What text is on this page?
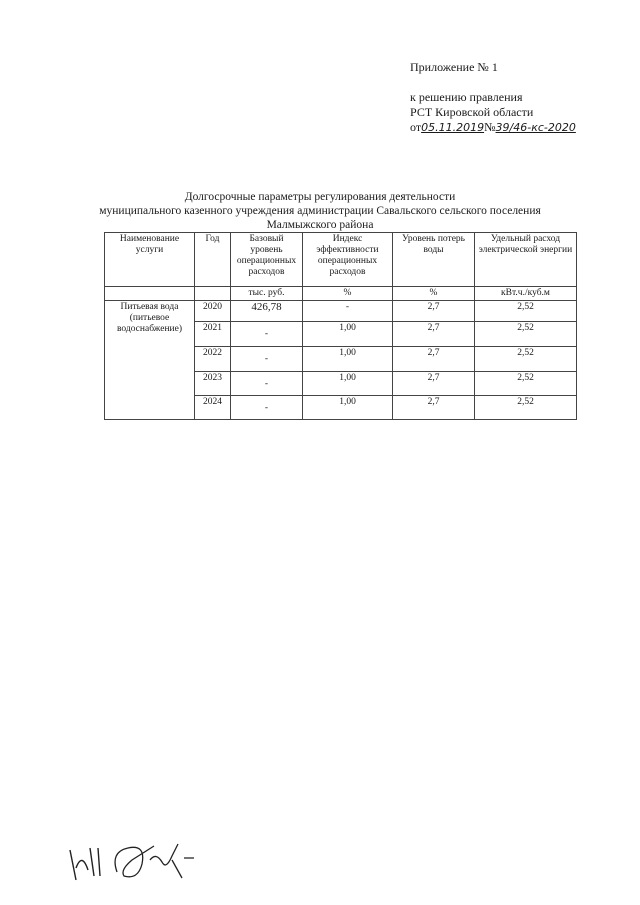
Приложение № 1
к решению правления
РСТ Кировской области
от05.11.2019№39/46-кс-2020
Долгосрочные параметры регулирования деятельности
муниципального казенного учреждения администрации Савальского сельского поселения
Малмыжского района
Наименование услуги	Год	Базовый уровень операционных расходов	Индекс эффективности операционных расходов	Уровень потерь воды	Удельный расход электрической энергии
		тыс. руб.	%	%	кВт.ч./куб.м
Питьевая вода (питьевое водоснабжение)	2020	426,78	-	2,7	2,52
	2021	-	1,00	2,7	2,52
	2022	-	1,00	2,7	2,52
	2023	-	1,00	2,7	2,52
	2024	-	1,00	2,7	2,52
